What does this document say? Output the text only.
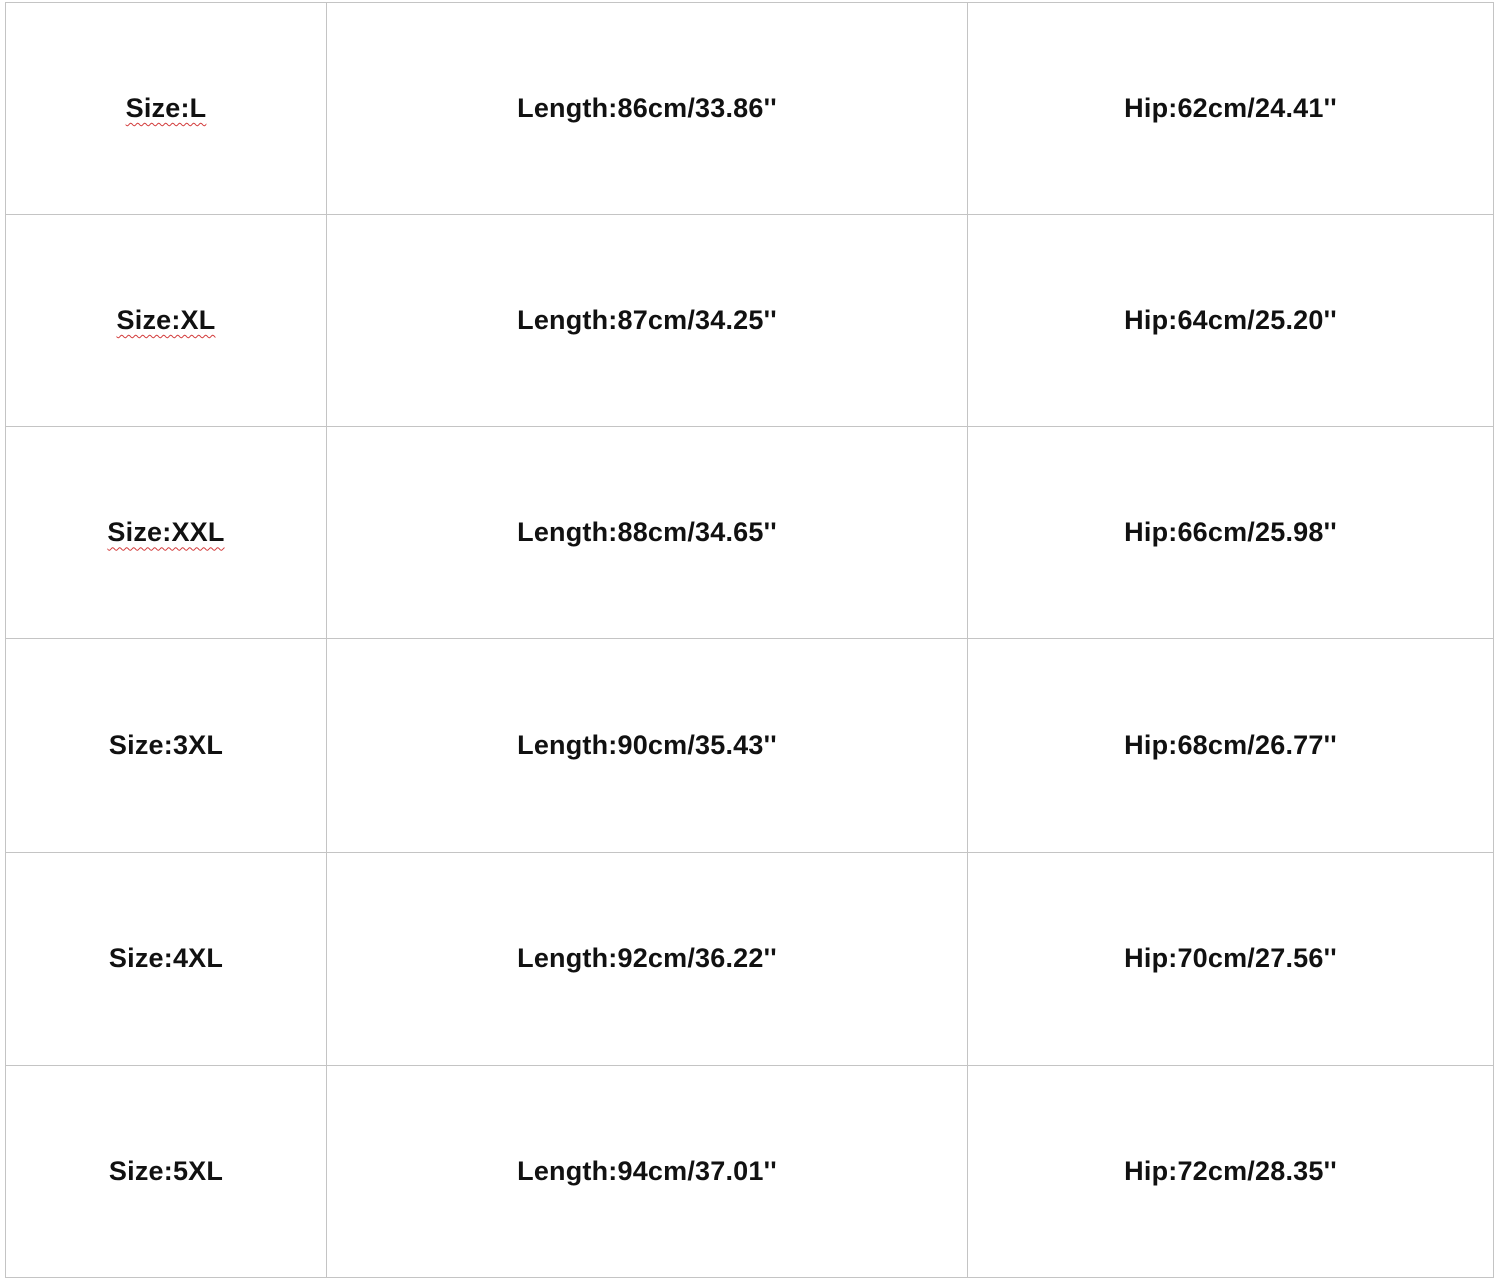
Size:L	Length:86cm/33.86''	Hip:62cm/24.41''
Size:XL	Length:87cm/34.25''	Hip:64cm/25.20''
Size:XXL	Length:88cm/34.65''	Hip:66cm/25.98''
Size:3XL	Length:90cm/35.43''	Hip:68cm/26.77''
Size:4XL	Length:92cm/36.22''	Hip:70cm/27.56''
Size:5XL	Length:94cm/37.01''	Hip:72cm/28.35''
